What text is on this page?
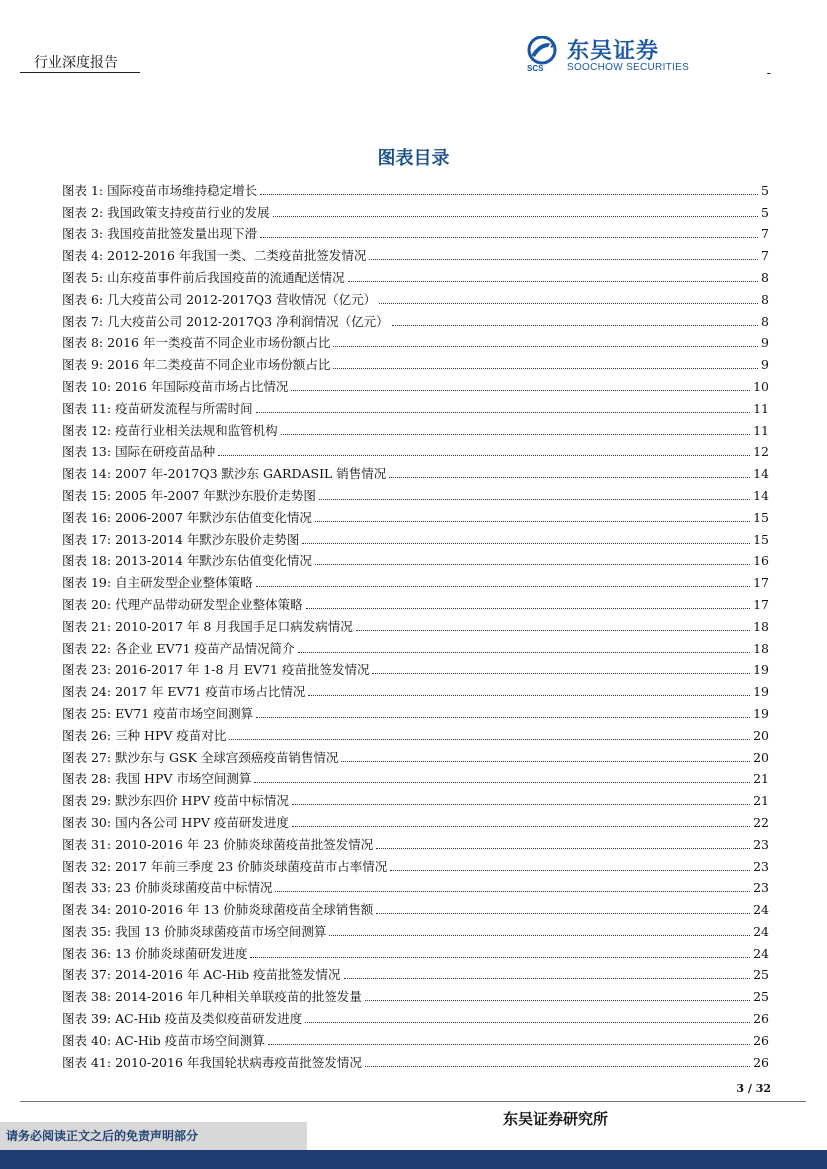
行业深度报告
-
SCS
东吴证券
SOOCHOW SECURITIES
图表目录
图表 1: 国际疫苗市场维持稳定增长	5
图表 2: 我国政策支持疫苗行业的发展	5
图表 3: 我国疫苗批签发量出现下滑	7
图表 4: 2012-2016 年我国一类、二类疫苗批签发情况	7
图表 5: 山东疫苗事件前后我国疫苗的流通配送情况	8
图表 6: 几大疫苗公司 2012-2017Q3 营收情况（亿元）	8
图表 7: 几大疫苗公司 2012-2017Q3 净利润情况（亿元）	8
图表 8: 2016 年一类疫苗不同企业市场份额占比	9
图表 9: 2016 年二类疫苗不同企业市场份额占比	9
图表 10: 2016 年国际疫苗市场占比情况	10
图表 11: 疫苗研发流程与所需时间	11
图表 12: 疫苗行业相关法规和监管机构	11
图表 13: 国际在研疫苗品种	12
图表 14: 2007 年-2017Q3 默沙东 GARDASIL 销售情况	14
图表 15: 2005 年-2007 年默沙东股价走势图	14
图表 16: 2006-2007 年默沙东估值变化情况	15
图表 17: 2013-2014 年默沙东股价走势图	15
图表 18: 2013-2014 年默沙东估值变化情况	16
图表 19: 自主研发型企业整体策略	17
图表 20: 代理产品带动研发型企业整体策略	17
图表 21: 2010-2017 年 8 月我国手足口病发病情况	18
图表 22: 各企业 EV71 疫苗产品情况简介	18
图表 23: 2016-2017 年 1-8 月 EV71 疫苗批签发情况	19
图表 24: 2017 年 EV71 疫苗市场占比情况	19
图表 25: EV71 疫苗市场空间测算	19
图表 26: 三种 HPV 疫苗对比	20
图表 27: 默沙东与 GSK 全球宫颈癌疫苗销售情况	20
图表 28: 我国 HPV 市场空间测算	21
图表 29: 默沙东四价 HPV 疫苗中标情况	21
图表 30: 国内各公司 HPV 疫苗研发进度	22
图表 31: 2010-2016 年 23 价肺炎球菌疫苗批签发情况	23
图表 32: 2017 年前三季度 23 价肺炎球菌疫苗市占率情况	23
图表 33: 23 价肺炎球菌疫苗中标情况	23
图表 34: 2010-2016 年 13 价肺炎球菌疫苗全球销售额	24
图表 35: 我国 13 价肺炎球菌疫苗市场空间测算	24
图表 36: 13 价肺炎球菌研发进度	24
图表 37: 2014-2016 年 AC-Hib 疫苗批签发情况	25
图表 38: 2014-2016 年几种相关单联疫苗的批签发量	25
图表 39: AC-Hib 疫苗及类似疫苗研发进度	26
图表 40: AC-Hib 疫苗市场空间测算	26
图表 41: 2010-2016 年我国轮状病毒疫苗批签发情况	26
3 / 32
东吴证券研究所
请务必阅读正文之后的免责声明部分
